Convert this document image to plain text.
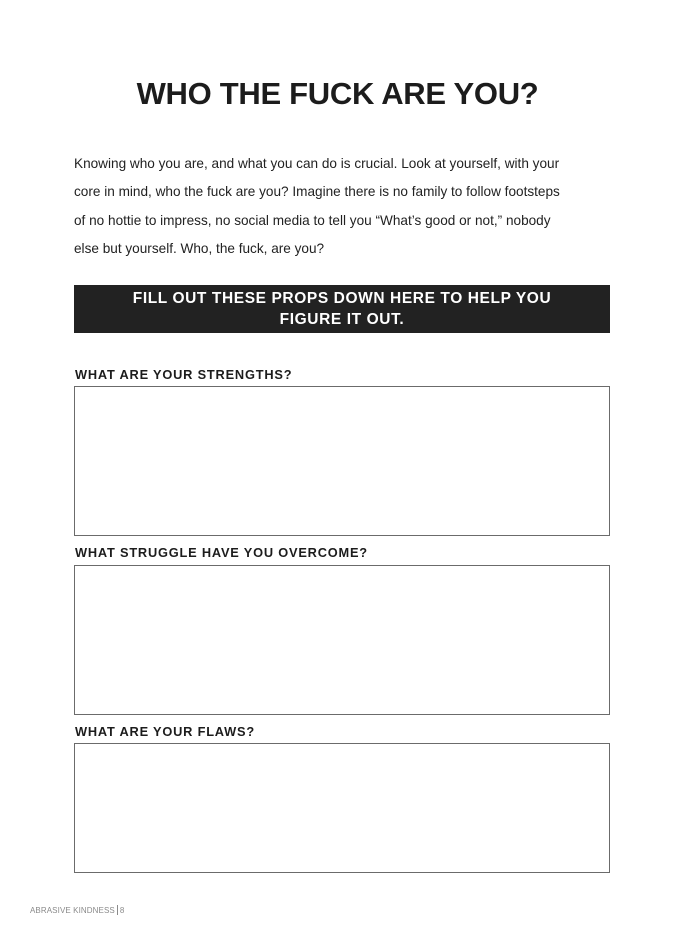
WHO THE FUCK ARE YOU?
Knowing who you are, and what you can do is crucial. Look at yourself, with your
core in mind, who the fuck are you? Imagine there is no family to follow footsteps
of no hottie to impress, no social media to tell you “What’s good or not,” nobody
else but yourself. Who, the fuck, are you?
FILL OUT THESE PROPS DOWN HERE TO HELP YOU
FIGURE IT OUT.
WHAT ARE YOUR STRENGTHS?
WHAT STRUGGLE HAVE YOU OVERCOME?
WHAT ARE YOUR FLAWS?
ABRASIVE KINDNESS 8
